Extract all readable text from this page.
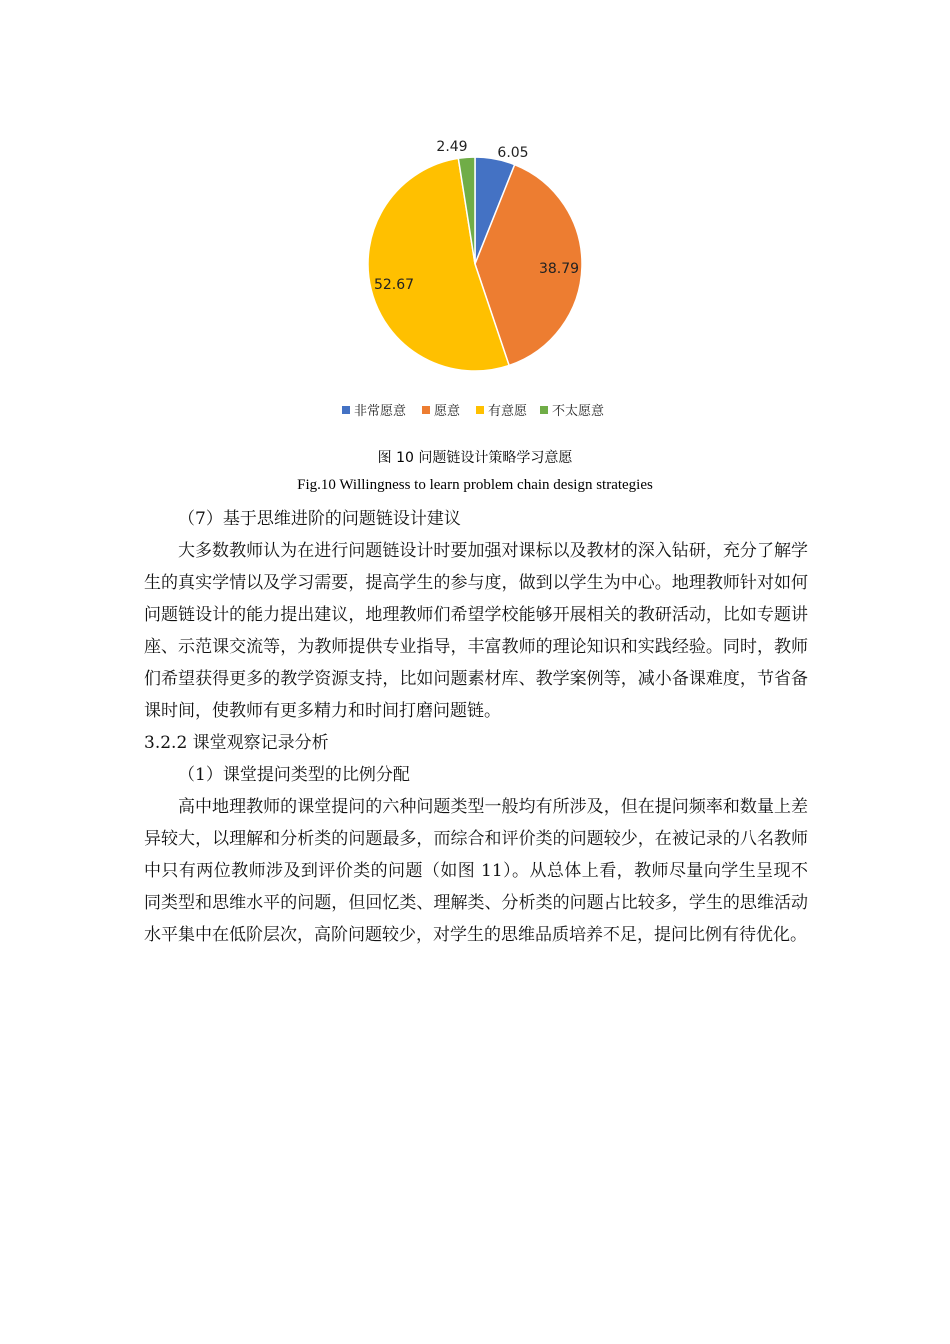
6.05
38.79
52.67
2.49
非常愿意 愿意 有意愿 不太愿意
图 10 问题链设计策略学习意愿
Fig.10 Willingness to learn problem chain design strategies

（7）基于思维进阶的问题链设计建议

大多数教师认为在进行问题链设计时要加强对课标以及教材的深入钻研，充分了解学生的真实学情以及学习需要，提高学生的参与度，做到以学生为中心。地理教师针对如何问题链设计的能力提出建议，地理教师们希望学校能够开展相关的教研活动，比如专题讲座、示范课交流等，为教师提供专业指导，丰富教师的理论知识和实践经验。同时，教师们希望获得更多的教学资源支持，比如问题素材库、教学案例等，减小备课难度，节省备课时间，使教师有更多精力和时间打磨问题链。

3.2.2 课堂观察记录分析

（1）课堂提问类型的比例分配

高中地理教师的课堂提问的六种问题类型一般均有所涉及，但在提问频率和数量上差异较大，以理解和分析类的问题最多，而综合和评价类的问题较少，在被记录的八名教师中只有两位教师涉及到评价类的问题（如图 11）。从总体上看，教师尽量向学生呈现不同类型和思维水平的问题，但回忆类、理解类、分析类的问题占比较多，学生的思维活动水平集中在低阶层次，高阶问题较少，对学生的思维品质培养不足，提问比例有待优化。
